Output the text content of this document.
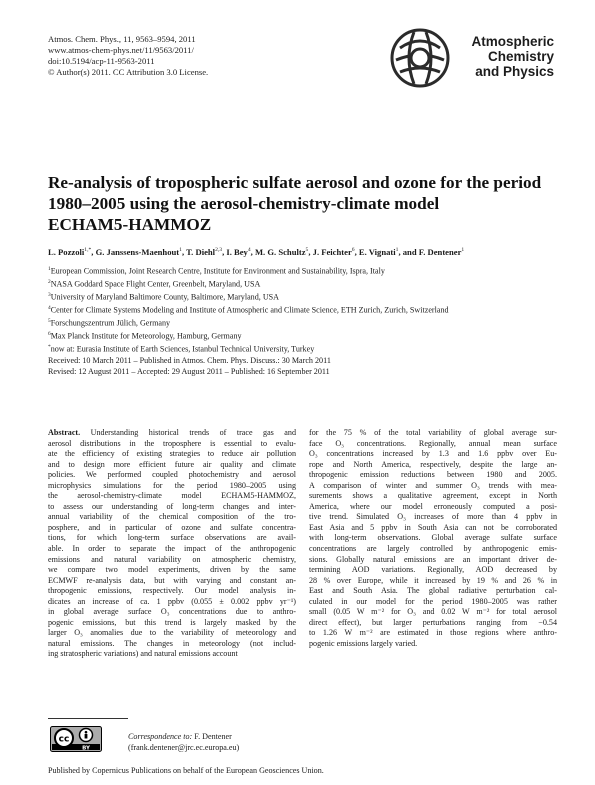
Atmos. Chem. Phys., 11, 9563–9594, 2011
www.atmos-chem-phys.net/11/9563/2011/
doi:10.5194/acp-11-9563-2011
© Author(s) 2011. CC Attribution 3.0 License.
Atmospheric
Chemistry
and Physics
Re-analysis of tropospheric sulfate aerosol and ozone for the period
1980–2005 using the aerosol-chemistry-climate model
ECHAM5-HAMMOZ
L. Pozzoli$^{1,*}$, G. Janssens-Maenhout$^1$, T. Diehl$^{2,3}$, I. Bey$^4$, M. G. Schultz$^5$, J. Feichter$^6$, E. Vignati$^1$, and F. Dentener$^1$
$^1$European Commission, Joint Research Centre, Institute for Environment and Sustainability, Ispra, Italy
$^2$NASA Goddard Space Flight Center, Greenbelt, Maryland, USA
$^3$University of Maryland Baltimore County, Baltimore, Maryland, USA
$^4$Center for Climate Systems Modeling and Institute of Atmospheric and Climate Science, ETH Zurich, Zurich, Switzerland
$^5$Forschungszentrum Jülich, Germany
$^6$Max Planck Institute for Meteorology, Hamburg, Germany
*now at: Eurasia Institute of Earth Sciences, Istanbul Technical University, Turkey
Received: 10 March 2011 – Published in Atmos. Chem. Phys. Discuss.: 30 March 2011
Revised: 12 August 2011 – Accepted: 29 August 2011 – Published: 16 September 2011
Abstract. Understanding historical trends of trace gas and
aerosol distributions in the troposphere is essential to evalu-
ate the efficiency of existing strategies to reduce air pollution
and to design more efficient future air quality and climate
policies. We performed coupled photochemistry and aerosol
microphysics simulations for the period 1980–2005 using
the aerosol-chemistry-climate model ECHAM5-HAMMOZ,
to assess our understanding of long-term changes and inter-
annual variability of the chemical composition of the tro-
posphere, and in particular of ozone and sulfate concentra-
tions, for which long-term surface observations are avail-
able. In order to separate the impact of the anthropogenic
emissions and natural variability on atmospheric chemistry,
we compare two model experiments, driven by the same
ECMWF re-analysis data, but with varying and constant an-
thropogenic emissions, respectively. Our model analysis in-
dicates an increase of ca. 1 ppbv (0.055 ± 0.002 ppbv yr⁻¹)
in global average surface O₃ concentrations due to anthro-
pogenic emissions, but this trend is largely masked by the
larger O₃ anomalies due to the variability of meteorology and
natural emissions. The changes in meteorology (not includ-
ing stratospheric variations) and natural emissions account
for the 75 % of the total variability of global average sur-
face O₃ concentrations. Regionally, annual mean surface
O₃ concentrations increased by 1.3 and 1.6 ppbv over Eu-
rope and North America, respectively, despite the large an-
thropogenic emission reductions between 1980 and 2005.
A comparison of winter and summer O₃ trends with mea-
surements shows a qualitative agreement, except in North
America, where our model erroneously computed a posi-
tive trend. Simulated O₃ increases of more than 4 ppbv in
East Asia and 5 ppbv in South Asia can not be corroborated
with long-term observations. Global average sulfate surface
concentrations are largely controlled by anthropogenic emis-
sions. Globally natural emissions are an important driver de-
termining AOD variations. Regionally, AOD decreased by
28 % over Europe, while it increased by 19 % and 26 % in
East and South Asia. The global radiative perturbation cal-
culated in our model for the period 1980–2005 was rather
small (0.05 W m⁻² for O₃ and 0.02 W m⁻² for total aerosol
direct effect), but larger perturbations ranging from −0.54
to 1.26 W m⁻² are estimated in those regions where anthro-
pogenic emissions largely varied.
cc
BY
Correspondence to: F. Dentener
(frank.dentener@jrc.ec.europa.eu)
Published by Copernicus Publications on behalf of the European Geosciences Union.
